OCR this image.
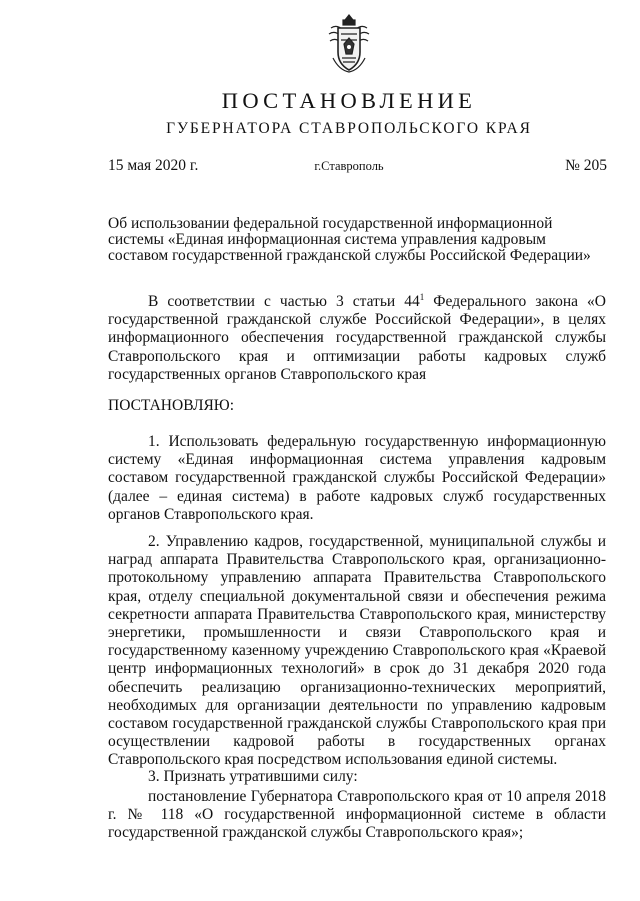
ПОСТАНОВЛЕНИЕ
ГУБЕРНАТОРА СТАВРОПОЛЬСКОГО КРАЯ
15 мая 2020 г.	г.Ставрополь	№ 205
Об использовании федеральной государственной информационной системы «Единая информационная система управления кадровым составом государственной гражданской службы Российской Федерации»
В соответствии с частью 3 статьи $44^1$ Федерального закона «О государственной гражданской службе Российской Федерации», в целях информационного обеспечения государственной гражданской службы Ставропольского края и оптимизации работы кадровых служб государственных органов Ставропольского края
ПОСТАНОВЛЯЮ:
1. Использовать федеральную государственную информационную систему «Единая информационная система управления кадровым составом государственной гражданской службы Российской Федерации» (далее – единая система) в работе кадровых служб государственных органов Ставропольского края.
2. Управлению кадров, государственной, муниципальной службы и наград аппарата Правительства Ставропольского края, организационно-протокольному управлению аппарата Правительства Ставропольского края, отделу специальной документальной связи и обеспечения режима секретности аппарата Правительства Ставропольского края, министерству энергетики, промышленности и связи Ставропольского края и государственному казенному учреждению Ставропольского края «Краевой центр информационных технологий» в срок до 31 декабря 2020 года обеспечить реализацию организационно-технических мероприятий, необходимых для организации деятельности по управлению кадровым составом государственной гражданской службы Ставропольского края при осуществлении кадровой работы в государственных органах Ставропольского края посредством использования единой системы.
3. Признать утратившими силу:
постановление Губернатора Ставропольского края от 10 апреля 2018 г. № 118 «О государственной информационной системе в области государственной гражданской службы Ставропольского края»;
